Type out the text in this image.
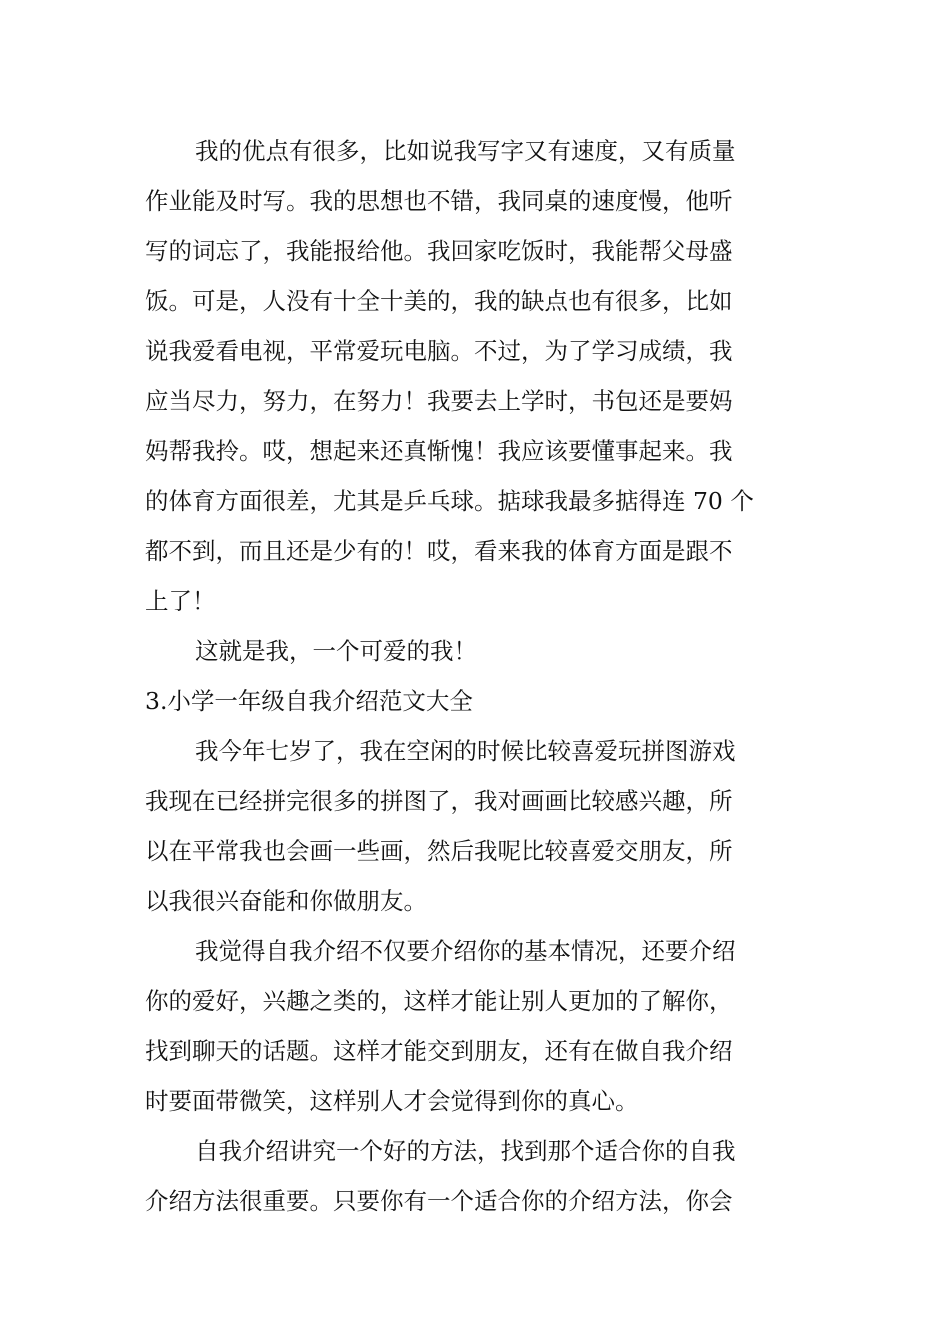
我的优点有很多，比如说我写字又有速度，又有质量
作业能及时写。我的思想也不错，我同桌的速度慢，他听
写的词忘了，我能报给他。我回家吃饭时，我能帮父母盛
饭。可是，人没有十全十美的，我的缺点也有很多，比如
说我爱看电视，平常爱玩电脑。不过，为了学习成绩，我
应当尽力，努力，在努力！我要去上学时，书包还是要妈
妈帮我拎。哎，想起来还真惭愧！我应该要懂事起来。我
的体育方面很差，尤其是乒乓球。掂球我最多掂得连 70 个
都不到，而且还是少有的！哎，看来我的体育方面是跟不
上了！
这就是我，一个可爱的我！
3.小学一年级自我介绍范文大全
我今年七岁了，我在空闲的时候比较喜爱玩拼图游戏
我现在已经拼完很多的拼图了，我对画画比较感兴趣，所
以在平常我也会画一些画，然后我呢比较喜爱交朋友，所
以我很兴奋能和你做朋友。
我觉得自我介绍不仅要介绍你的基本情况，还要介绍
你的爱好，兴趣之类的，这样才能让别人更加的了解你，
找到聊天的话题。这样才能交到朋友，还有在做自我介绍
时要面带微笑，这样别人才会觉得到你的真心。
自我介绍讲究一个好的方法，找到那个适合你的自我
介绍方法很重要。只要你有一个适合你的介绍方法，你会
